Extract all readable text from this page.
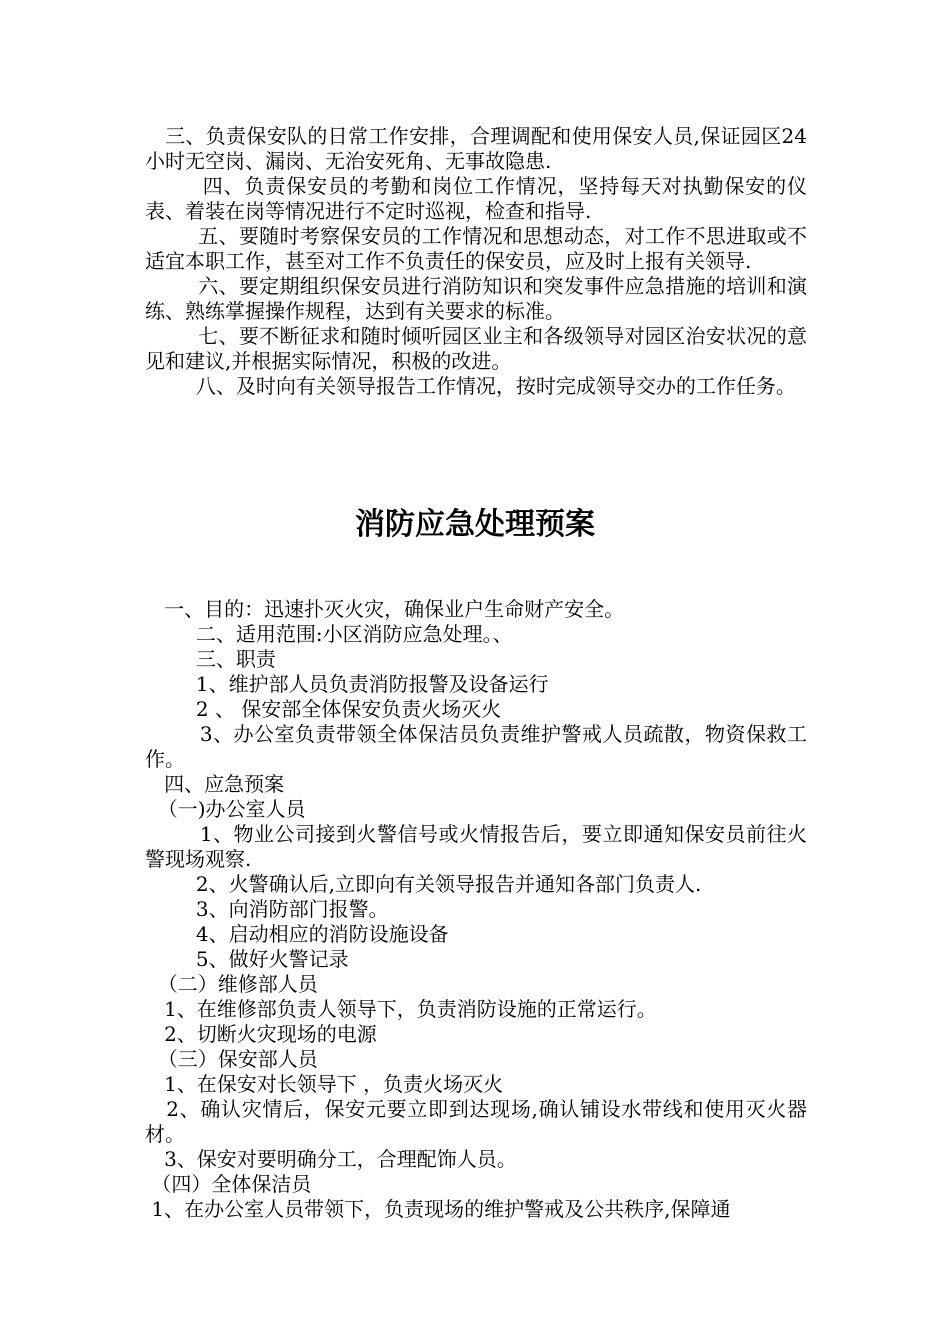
三、负责保安队的日常工作安排，合理调配和使用保安人员,保证园区24小时无空岗、漏岗、无治安死角、无事故隐患.

四、负责保安员的考勤和岗位工作情况，坚持每天对执勤保安的仪表、着装在岗等情况进行不定时巡视，检查和指导.

五、要随时考察保安员的工作情况和思想动态，对工作不思进取或不适宜本职工作，甚至对工作不负责任的保安员，应及时上报有关领导.

六、要定期组织保安员进行消防知识和突发事件应急措施的培训和演练、熟练掌握操作规程，达到有关要求的标准。

七、要不断征求和随时倾听园区业主和各级领导对园区治安状况的意见和建议,并根据实际情况，积极的改进。

八、及时向有关领导报告工作情况，按时完成领导交办的工作任务。

消防应急处理预案

一、目的：迅速扑灭火灾，确保业户生命财产安全。

二、适用范围:小区消防应急处理。、

三、职责

1、维护部人员负责消防报警及设备运行

2 、 保安部全体保安负责火场灭火

3、办公室负责带领全体保洁员负责维护警戒人员疏散，物资保救工作。

四、应急预案

（一)办公室人员

1、物业公司接到火警信号或火情报告后，要立即通知保安员前往火警现场观察.

2、火警确认后,立即向有关领导报告并通知各部门负责人.

3、向消防部门报警。

4、启动相应的消防设施设备

5、做好火警记录

（二）维修部人员

1、在维修部负责人领导下，负责消防设施的正常运行。

2、切断火灾现场的电源

（三）保安部人员

1、在保安对长领导下 ，负责火场灭火

2、确认灾情后，保安元要立即到达现场,确认铺设水带线和使用灭火器材。

3、保安对要明确分工，合理配饰人员。

（四）全体保洁员

1、在办公室人员带领下，负责现场的维护警戒及公共秩序,保障通
